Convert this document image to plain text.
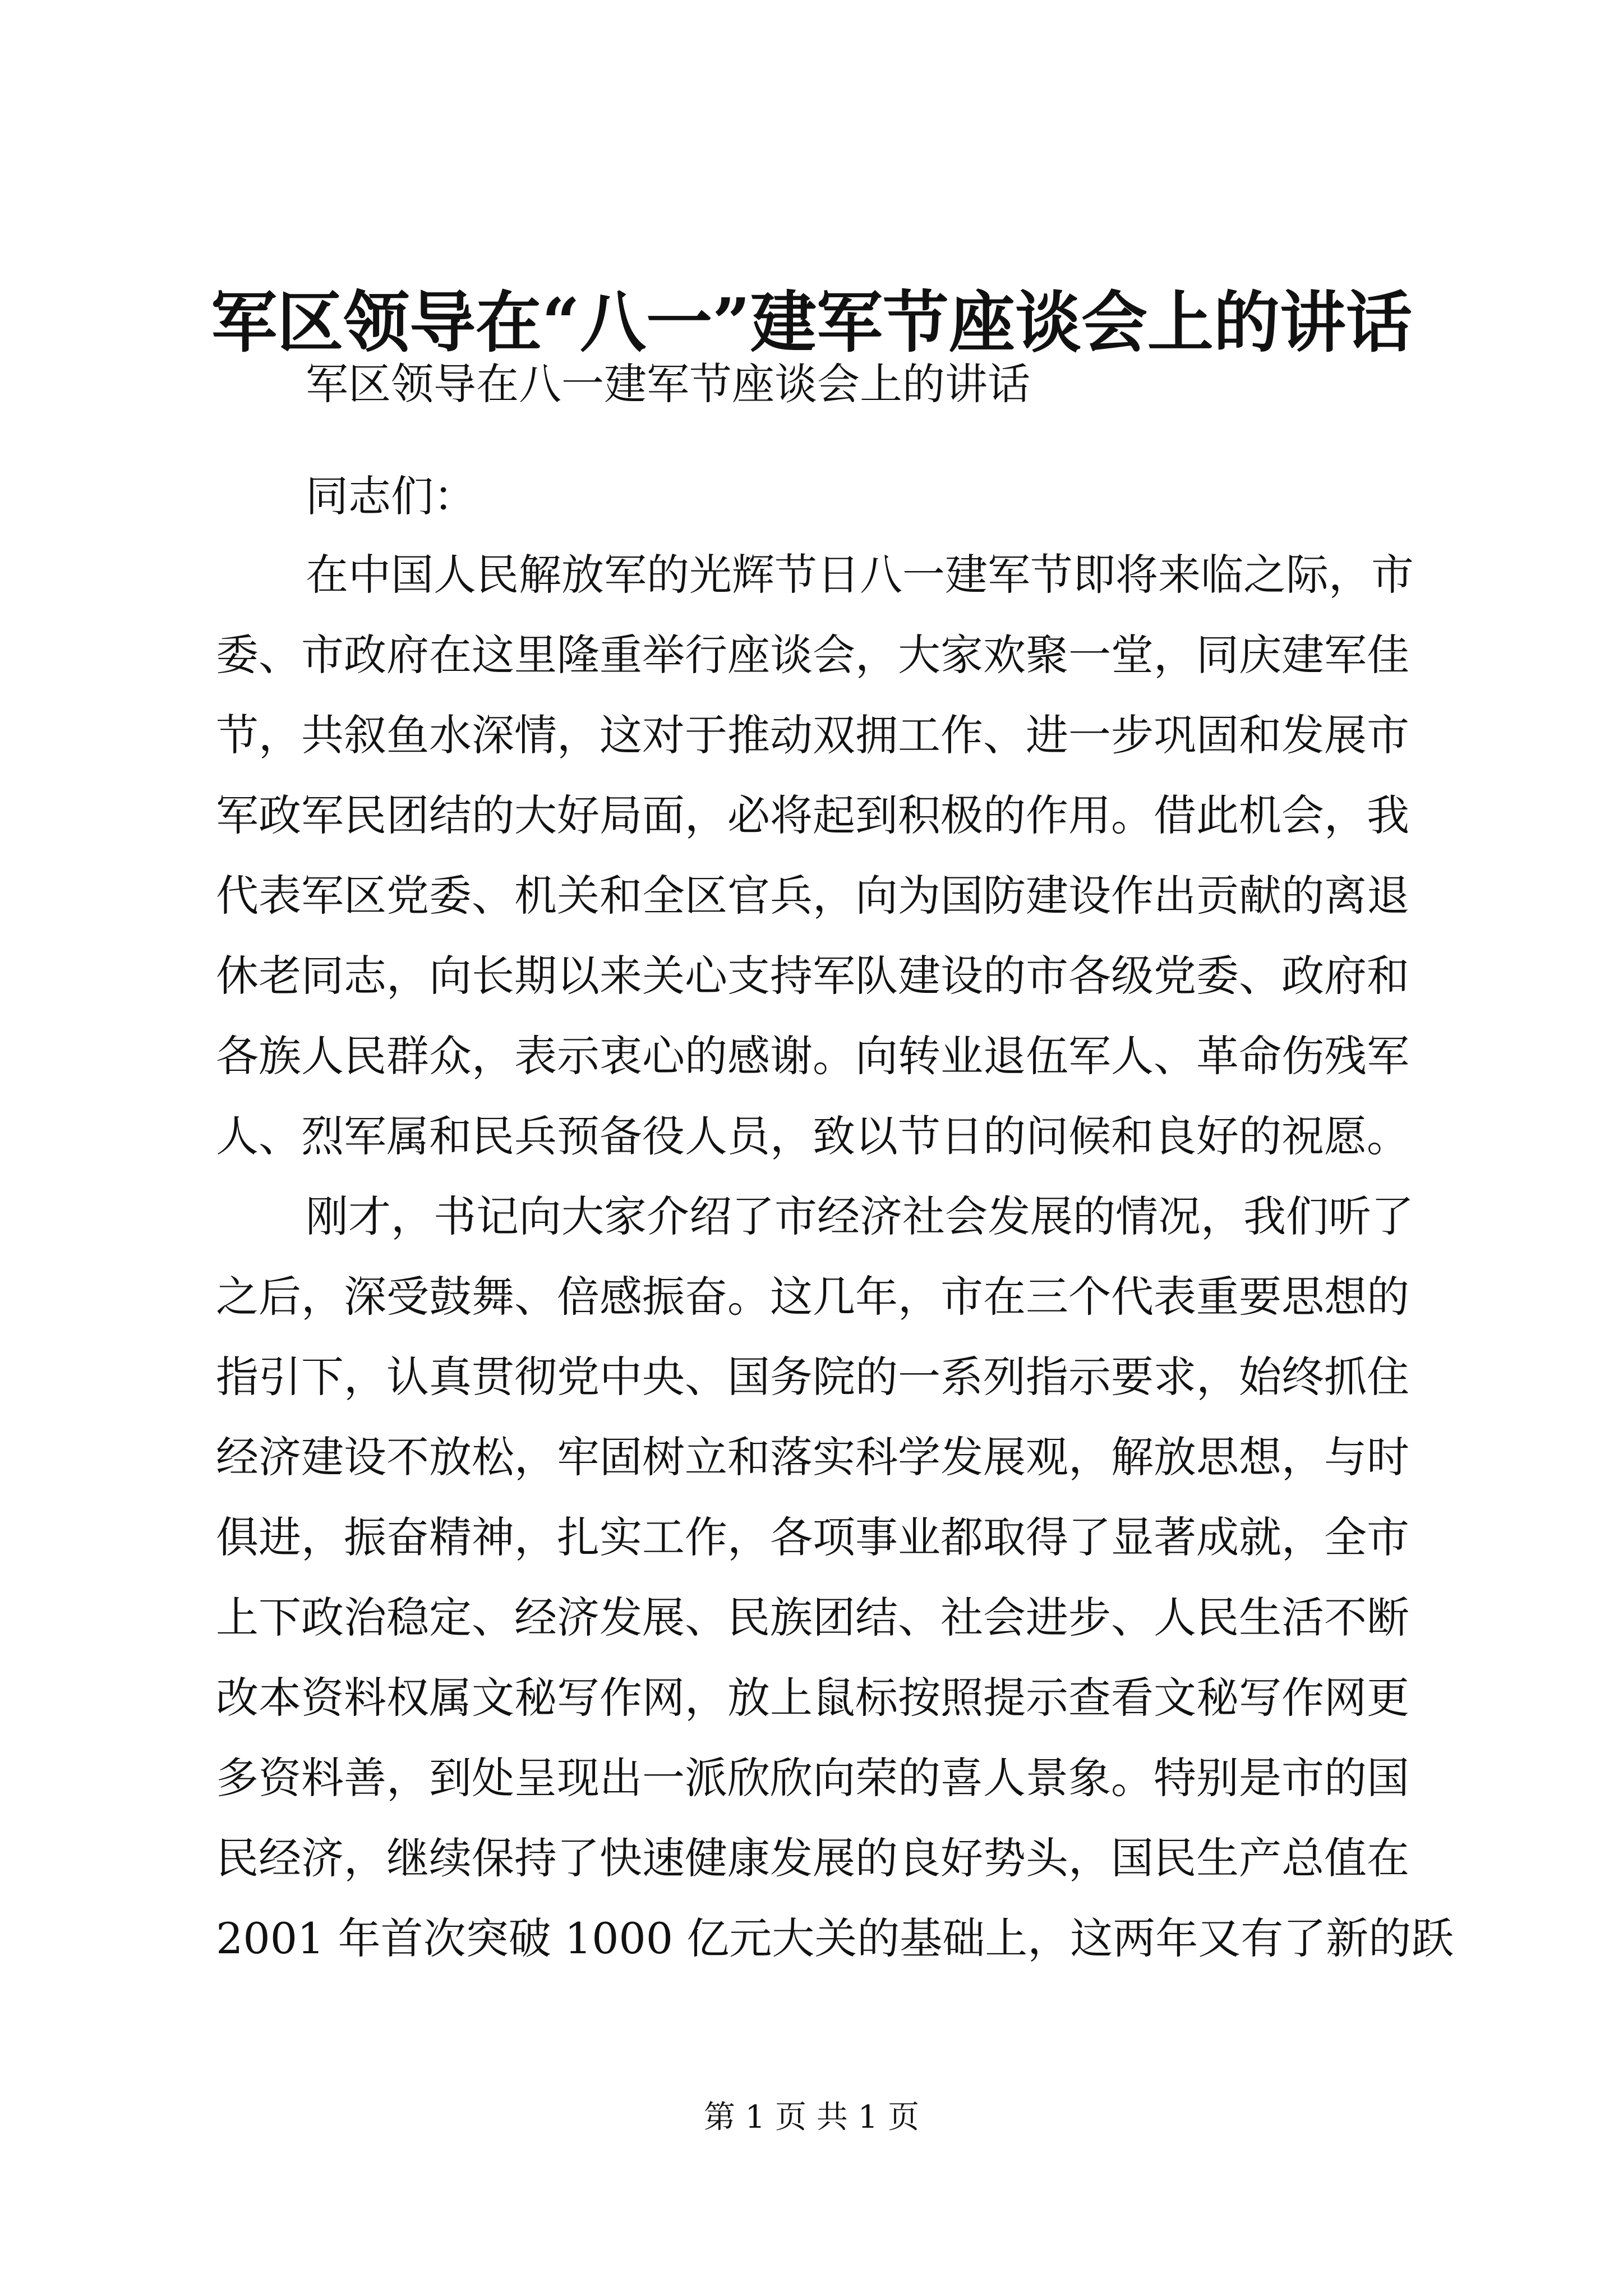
军区领导在“八一”建军节座谈会上的讲话
军区领导在八一建军节座谈会上的讲话
同志们：
在中国人民解放军的光辉节日八一建军节即将来临之际，市
委、市政府在这里隆重举行座谈会，大家欢聚一堂，同庆建军佳
节，共叙鱼水深情，这对于推动双拥工作、进一步巩固和发展市
军政军民团结的大好局面，必将起到积极的作用。借此机会，我
代表军区党委、机关和全区官兵，向为国防建设作出贡献的离退
休老同志，向长期以来关心支持军队建设的市各级党委、政府和
各族人民群众，表示衷心的感谢。向转业退伍军人、革命伤残军
人、烈军属和民兵预备役人员，致以节日的问候和良好的祝愿。
刚才，书记向大家介绍了市经济社会发展的情况，我们听了
之后，深受鼓舞、倍感振奋。这几年，市在三个代表重要思想的
指引下，认真贯彻党中央、国务院的一系列指示要求，始终抓住
经济建设不放松，牢固树立和落实科学发展观，解放思想，与时
俱进，振奋精神，扎实工作，各项事业都取得了显著成就，全市
上下政治稳定、经济发展、民族团结、社会进步、人民生活不断
改本资料权属文秘写作网，放上鼠标按照提示查看文秘写作网更
多资料善，到处呈现出一派欣欣向荣的喜人景象。特别是市的国
民经济，继续保持了快速健康发展的良好势头，国民生产总值在
2001 年首次突破 1000 亿元大关的基础上，这两年又有了新的跃
第 1 页 共 1 页
